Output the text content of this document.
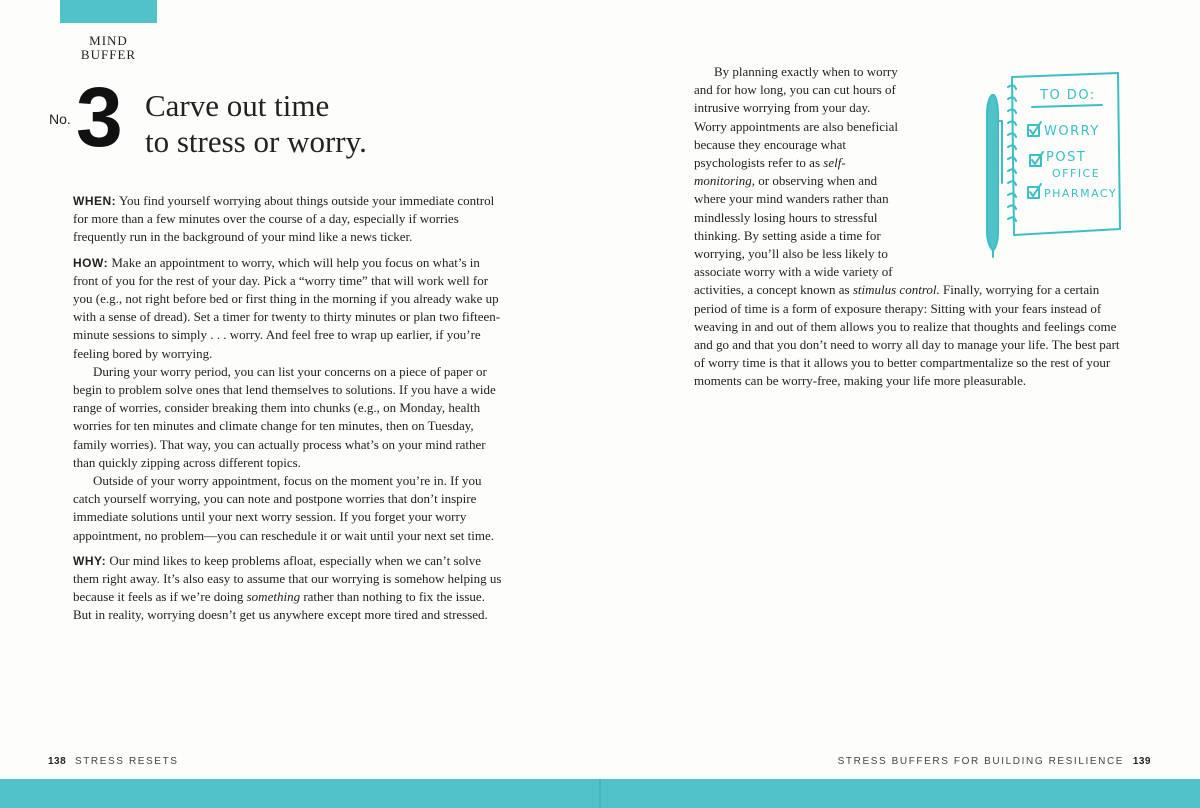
MIND
BUFFER
No. 3 Carve out time
to stress or worry.

WHEN: You find yourself worrying about things outside your immediate control for more than a few minutes over the course of a day, especially if worries frequently run in the background of your mind like a news ticker.

HOW: Make an appointment to worry, which will help you focus on what’s in front of you for the rest of your day. Pick a “worry time” that will work well for you (e.g., not right before bed or first thing in the morning if you already wake up with a sense of dread). Set a timer for twenty to thirty minutes or plan two fifteen-minute sessions to simply . . . worry. And feel free to wrap up earlier, if you’re feeling bored by worrying.

During your worry period, you can list your concerns on a piece of paper or begin to problem solve ones that lend themselves to solutions. If you have a wide range of worries, consider breaking them into chunks (e.g., on Monday, health worries for ten minutes and climate change for ten minutes, then on Tuesday, family worries). That way, you can actually process what’s on your mind rather than quickly zipping across different topics.

Outside of your worry appointment, focus on the moment you’re in. If you catch yourself worrying, you can note and postpone worries that don’t inspire immediate solutions until your next worry session. If you forget your worry appointment, no problem—you can reschedule it or wait until your next set time.

WHY: Our mind likes to keep problems afloat, especially when we can’t solve them right away. It’s also easy to assume that our worrying is somehow helping us because it feels as if we’re doing something rather than nothing to fix the issue. But in reality, worrying doesn’t get us anywhere except more tired and stressed.

138 STRESS RESETS
TO DO:
WORRY
POST
OFFICE
PHARMACY

By planning exactly when to worry and for how long, you can cut hours of intrusive worrying from your day. Worry appointments are also beneficial because they encourage what psychologists refer to as self-monitoring, or observing when and where your mind wanders rather than mindlessly losing hours to stressful thinking. By setting aside a time for worrying, you’ll also be less likely to associate worry with a wide variety of activities, a concept known as stimulus control. Finally, worrying for a certain period of time is a form of exposure therapy: Sitting with your fears instead of weaving in and out of them allows you to realize that thoughts and feelings come and go and that you don’t need to worry all day to manage your life. The best part of worry time is that it allows you to better compartmentalize so the rest of your moments can be worry-free, making your life more pleasurable.

STRESS BUFFERS FOR BUILDING RESILIENCE 139
